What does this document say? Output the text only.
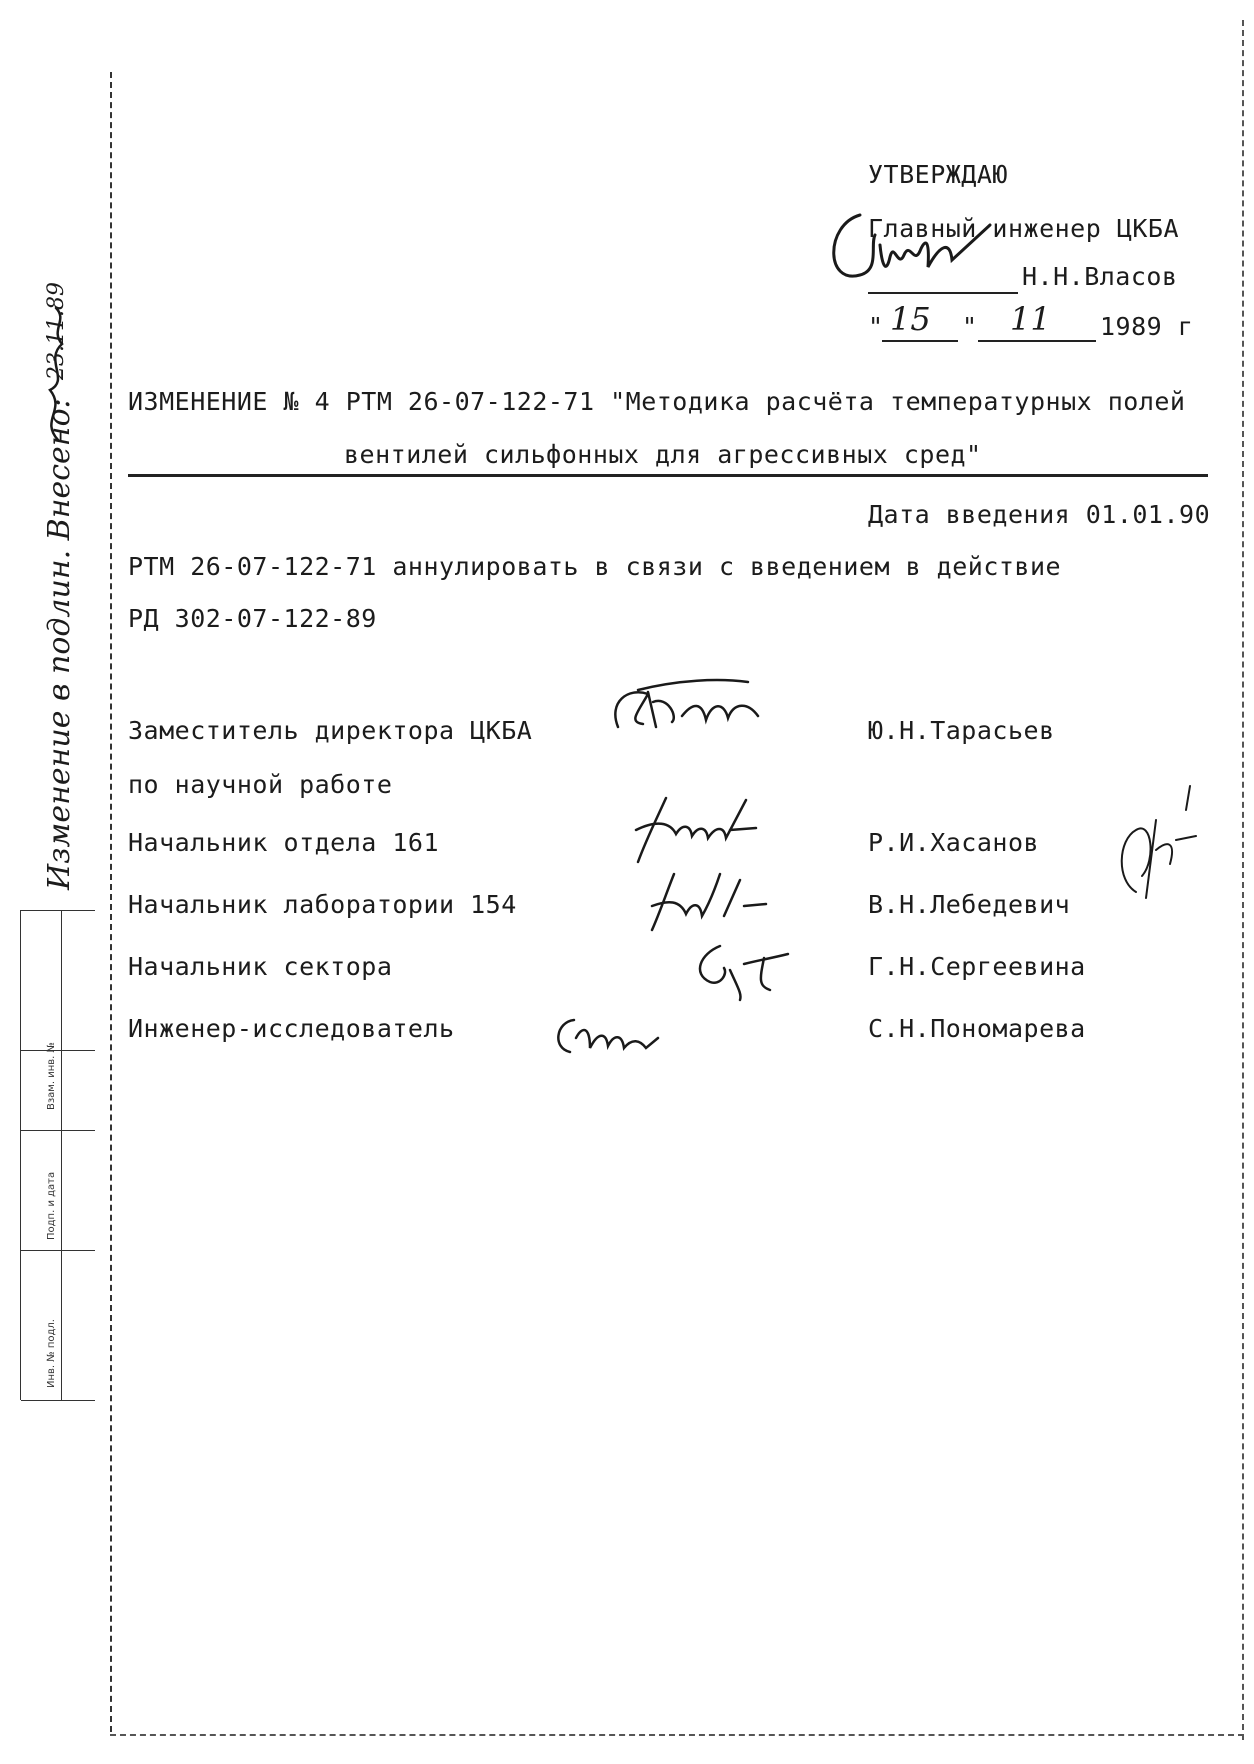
УТВЕРЖДАЮ
Главный инженер ЦКБА
Н.Н.Власов
" 15 " 11 1989 г
ИЗМЕНЕНИЕ № 4 РТМ 26-07-122-71 "Методика расчёта температурных полей
вентилей сильфонных для агрессивных сред"
Дата введения 01.01.90
РТМ 26-07-122-71 аннулировать в связи с введением в действие
РД 302-07-122-89
Заместитель директора ЦКБА	Ю.Н.Тарасьев
по научной работе
Начальник отдела 161	Р.И.Хасанов
Начальник лаборатории 154	В.Н.Лебедевич
Начальник сектора	Г.Н.Сергеевина
Инженер-исследователь	С.Н.Пономарева
Изменение в подлин. Внесено:
23.11.89
Инв. № подл.
Подп. и дата
Взам. инв. №
